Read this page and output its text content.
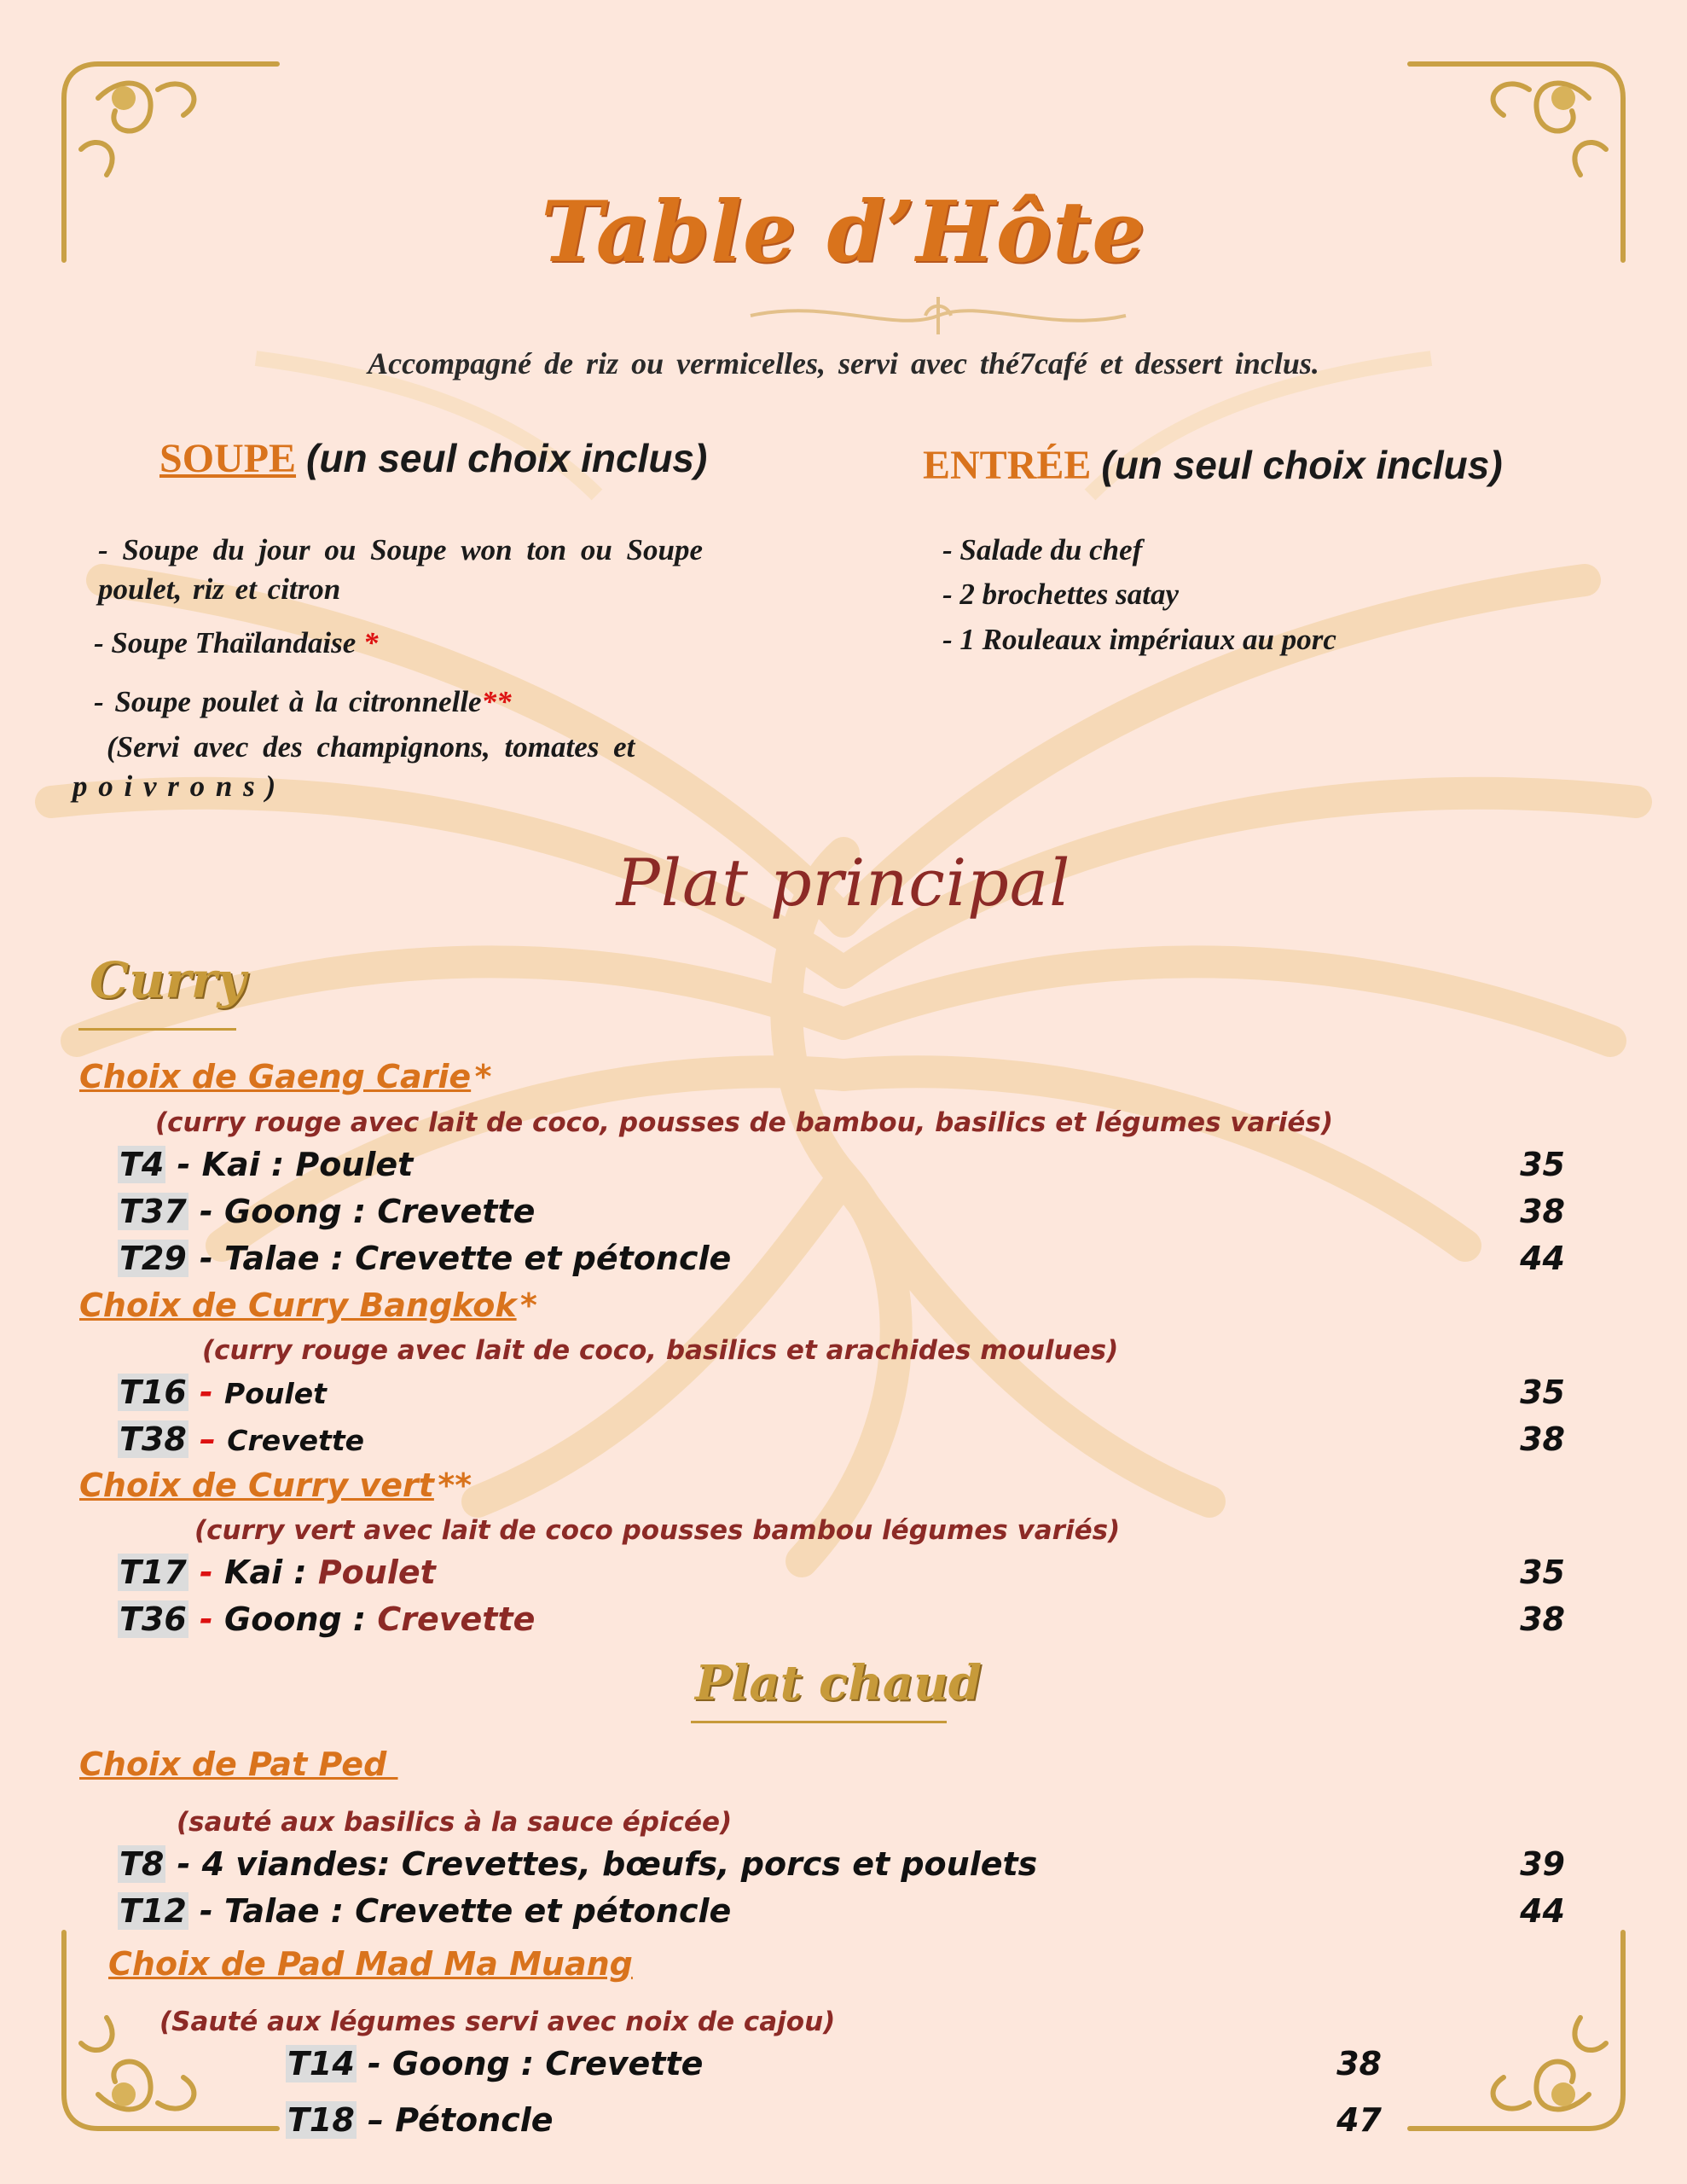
Table d’Hôte
Accompagné de riz ou vermicelles, servi avec thé7café et dessert inclus.
SOUPE (un seul choix inclus)
- Soupe du jour ou Soupe won ton ou Soupe
poulet, riz et citron
- Soupe Thaïlandaise *
- Soupe poulet à la citronnelle**
(Servi avec des champignons, tomates et
p o i v r o n s )
ENTRÉE (un seul choix inclus)
- Salade du chef
- 2 brochettes satay
- 1 Rouleaux impériaux au porc
Plat principal
Curry
Choix de Gaeng Carie *
(curry rouge avec lait de coco, pousses de bambou, basilics et légumes variés)
T4 - Kai : Poulet	35
T37 - Goong : Crevette	38
T29 - Talae : Crevette et pétoncle	44
Choix de Curry Bangkok *
(curry rouge avec lait de coco, basilics et arachides moulues)
T16 - Poulet	35
T38 – Crevette	38
Choix de Curry vert **
(curry vert avec lait de coco pousses bambou légumes variés)
T17 - Kai : Poulet	35
T36 - Goong : Crevette	38
Plat chaud
Choix de Pat Ped
(sauté aux basilics à la sauce épicée)
T8 - 4 viandes: Crevettes, bœufs, porcs et poulets	39
T12 - Talae : Crevette et pétoncle	44
Choix de Pad Mad Ma Muang
(Sauté aux légumes servi avec noix de cajou)
T14 - Goong : Crevette	38
T18 – Pétoncle	47
